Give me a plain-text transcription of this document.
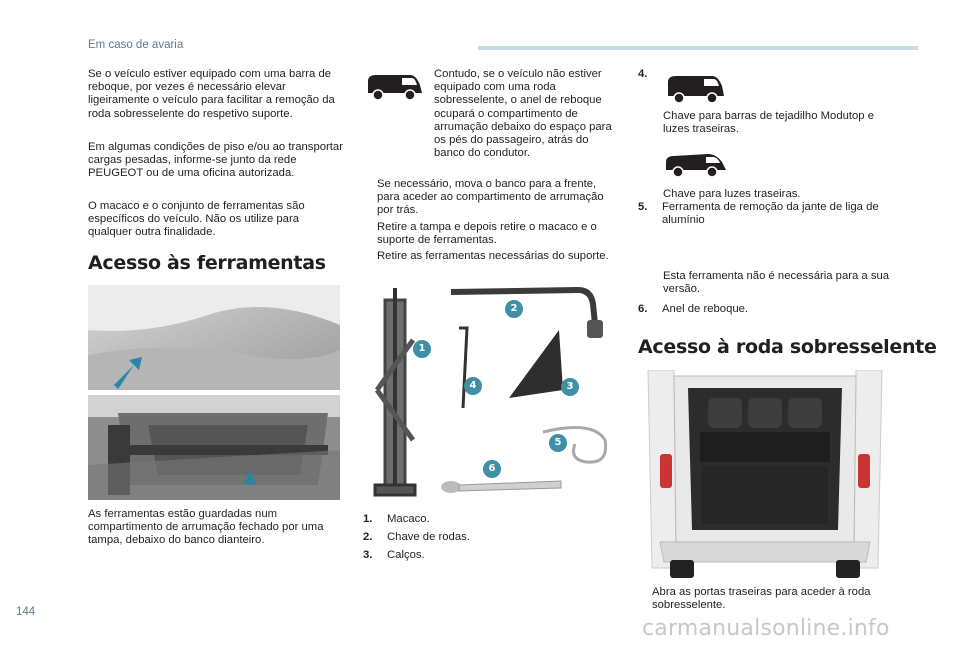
Em caso de avaria
Se o veículo estiver equipado com uma barra de reboque, por vezes é necessário elevar ligeiramente o veículo para facilitar a remoção da roda sobresselente do respetivo suporte.
Em algumas condições de piso e/ou ao transportar cargas pesadas, informe-se junto da rede PEUGEOT ou de uma oficina autorizada.
O macaco e o conjunto de ferramentas são específicos do veículo. Não os utilize para qualquer outra finalidade.
Acesso às ferramentas
As ferramentas estão guardadas num compartimento de arrumação fechado por uma tampa, debaixo do banco dianteiro.
Contudo, se o veículo não estiver equipado com uma roda sobresselente, o anel de reboque ocupará o compartimento de arrumação debaixo do espaço para os pés do passageiro, atrás do banco do condutor.
Se necessário, mova o banco para a frente, para aceder ao compartimento de arrumação por trás.
Retire a tampa e depois retire o macaco e o suporte de ferramentas.
Retire as ferramentas necessárias do suporte.
1
2
3
4
5
6
1.	Macaco.
2.	Chave de rodas.
3.	Calços.
4.
Chave para barras de tejadilho Modutop e luzes traseiras.
Chave para luzes traseiras.
5.	Ferramenta de remoção da jante de liga de alumínio
Esta ferramenta não é necessária para a sua versão.
6.	Anel de reboque.
Acesso à roda sobresselente
Abra as portas traseiras para aceder à roda sobresselente.
144
carmanualsonline.info
